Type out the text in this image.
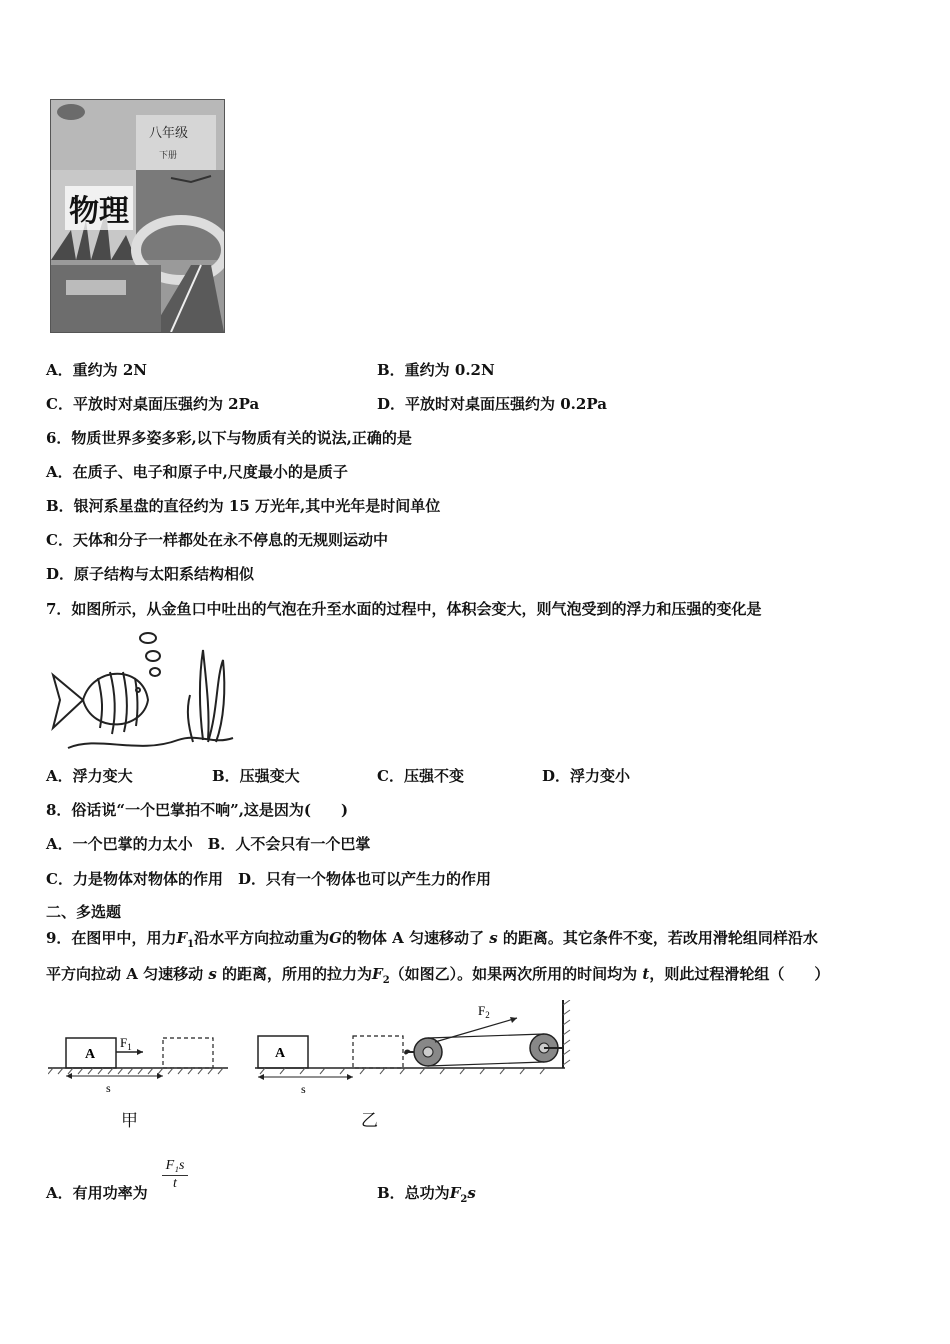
物理
八年级
下册
A．重约为 2N	B．重约为 0.2N
C．平放时对桌面压强约为 2Pa	D．平放时对桌面压强约为 0.2Pa
6．物质世界多姿多彩,以下与物质有关的说法,正确的是
A．在质子、电子和原子中,尺度最小的是质子
B．银河系星盘的直径约为 15 万光年,其中光年是时间单位
C．天体和分子一样都处在永不停息的无规则运动中
D．原子结构与太阳系结构相似
7．如图所示，从金鱼口中吐出的气泡在升至水面的过程中，体积会变大，则气泡受到的浮力和压强的变化是
A．浮力变大	B．压强变大	C．压强不变	D．浮力变小
8．俗话说“一个巴掌拍不响”,这是因为(　　)
A．一个巴掌的力太小　B．人不会只有一个巴掌
C．力是物体对物体的作用　D．只有一个物体也可以产生力的作用
二、多选题
9．在图甲中，用力$F_1$沿水平方向拉动重为G的物体 A 匀速移动了 s 的距离。其它条件不变，若改用滑轮组同样沿水
平方向拉动 A 匀速移动 s 的距离，所用的拉力为$F_2$（如图乙）。如果两次所用的时间均为 t，则此过程滑轮组（　　）
A
$F_1$
s
甲
A
$F_2$
s
乙
A．有用功率为
$\frac{\text{F₁s}}{t}$
B．总功为$F_2s$
